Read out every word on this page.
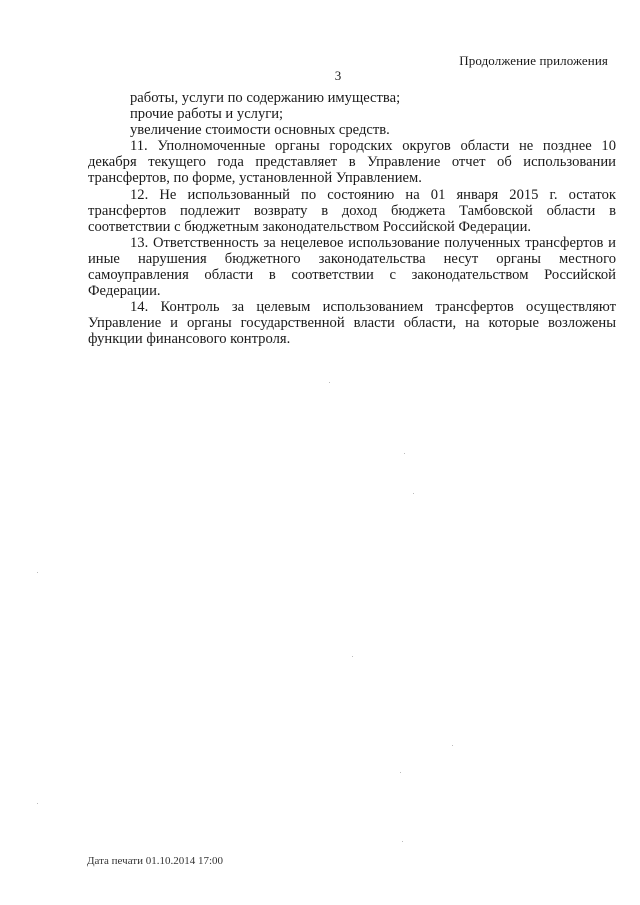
Продолжение приложения
3

работы, услуги по содержанию имущества;

прочие работы и услуги;

увеличение стоимости основных средств.

11. Уполномоченные органы городских округов области не позднее 10 декабря текущего года представляет в Управление отчет об использовании трансфертов, по форме, установленной Управлением.

12. Не использованный по состоянию на 01 января 2015 г. остаток трансфертов подлежит возврату в доход бюджета Тамбовской области в соответствии с бюджетным законодательством Российской Федерации.

13. Ответственность за нецелевое использование полученных трансфертов и иные нарушения бюджетного законодательства несут органы местного самоуправления области в соответствии с законодательством Российской Федерации.

14. Контроль за целевым использованием трансфертов осуществляют Управление и органы государственной власти области, на которые возложены функции финансового контроля.

Дата печати 01.10.2014 17:00
